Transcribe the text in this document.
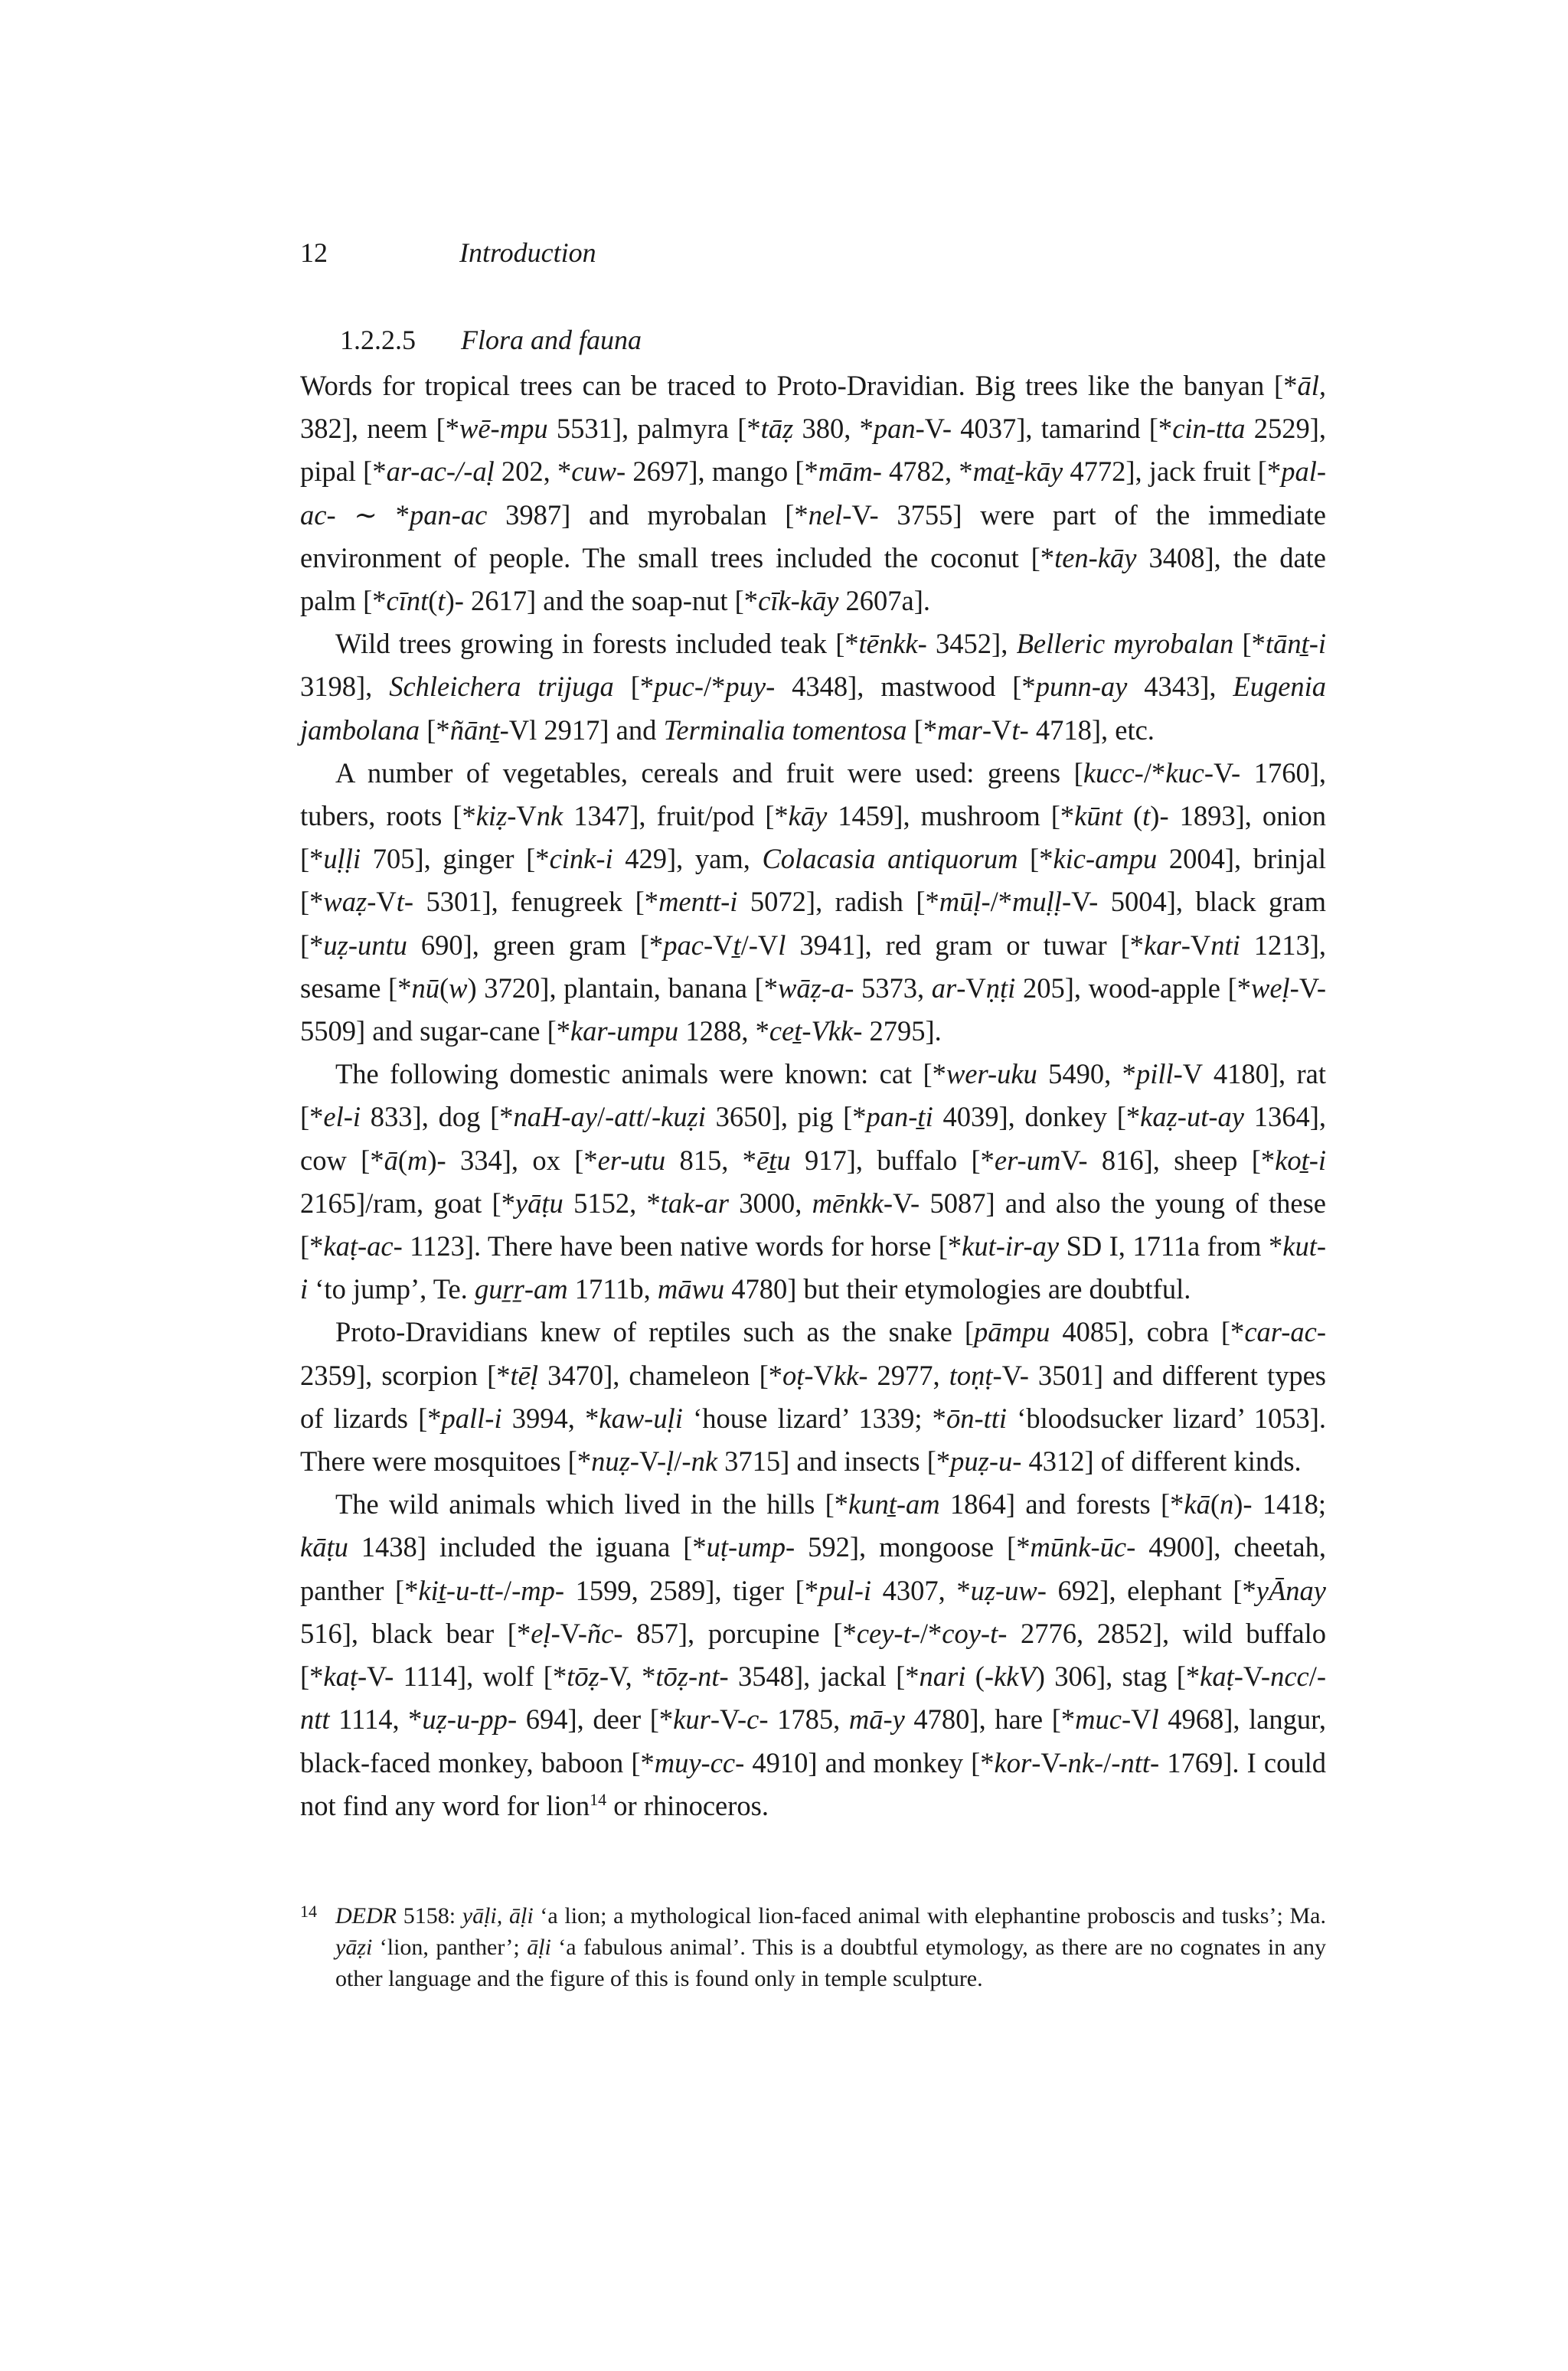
12	Introduction
1.2.2.5 Flora and fauna

Words for tropical trees can be traced to Proto-Dravidian. Big trees like the banyan [*āl, 382], neem [*wē-mpu 5531], palmyra [*tāẓ 380, *pan-V- 4037], tamarind [*cin-tta 2529], pipal [*ar-ac-/-aḷ 202, *cuw- 2697], mango [*mām- 4782, *maṯ-kāy 4772], jack fruit [*pal-ac- ∼ *pan-ac 3987] and myrobalan [*nel-V- 3755] were part of the immediate environment of people. The small trees included the coconut [*ten-kāy 3408], the date palm [*cīnt(t)- 2617] and the soap-nut [*cīk-kāy 2607a].

Wild trees growing in forests included teak [*tēnkk- 3452], Belleric myrobalan [*tānṯ-i 3198], Schleichera trijuga [*puc-/*puy- 4348], mastwood [*punn-ay 4343], Eugenia jambolana [*ñānṯ-Vl 2917] and Terminalia tomentosa [*mar-Vt- 4718], etc.

A number of vegetables, cereals and fruit were used: greens [kucc-/*kuc-V- 1760], tubers, roots [*kiẓ-Vnk 1347], fruit/pod [*kāy 1459], mushroom [*kūnt (t)- 1893], onion [*uḷḷi 705], ginger [*cink-i 429], yam, Colacasia antiquorum [*kic-ampu 2004], brinjal [*waẓ-Vt- 5301], fenugreek [*mentt-i 5072], radish [*mūḷ-/*muḷḷ-V- 5004], black gram [*uẓ-untu 690], green gram [*pac-Vṯ/-Vl 3941], red gram or tuwar [*kar-Vnti 1213], sesame [*nū(w) 3720], plantain, banana [*wāẓ-a- 5373, ar-Vṇṭi 205], wood-apple [*weḷ-V- 5509] and sugar-cane [*kar-umpu 1288, *ceṯ-Vkk- 2795].

The following domestic animals were known: cat [*wer-uku 5490, *pill-V 4180], rat [*el-i 833], dog [*naH-ay/-att/-kuẓi 3650], pig [*pan-ṯi 4039], donkey [*kaẓ-ut-ay 1364], cow [*ā(m)- 334], ox [*er-utu 815, *ēṯu 917], buffalo [*er-umV- 816], sheep [*koṯ-i 2165]/ram, goat [*yāṭu 5152, *tak-ar 3000, mēnkk-V- 5087] and also the young of these [*kaṭ-ac- 1123]. There have been native words for horse [*kut-ir-ay SD I, 1711a from *kut-i ‘to jump’, Te. guṟṟ-am 1711b, māwu 4780] but their etymologies are doubtful.

Proto-Dravidians knew of reptiles such as the snake [pāmpu 4085], cobra [*car-ac- 2359], scorpion [*tēḷ 3470], chameleon [*oṭ-Vkk- 2977, toṇṭ-V- 3501] and different types of lizards [*pall-i 3994, *kaw-uḷi ‘house lizard’ 1339; *ōn-tti ‘bloodsucker lizard’ 1053]. There were mosquitoes [*nuẓ-V-ḷ/-nk 3715] and insects [*puẓ-u- 4312] of different kinds.

The wild animals which lived in the hills [*kunṯ-am 1864] and forests [*kā(n)- 1418; kāṭu 1438] included the iguana [*uṭ-ump- 592], mongoose [*mūnk-ūc- 4900], cheetah, panther [*kiṯ-u-tt-/-mp- 1599, 2589], tiger [*pul-i 4307, *uẓ-uw- 692], elephant [*yĀnay 516], black bear [*eḷ-V-ñc- 857], porcupine [*cey-t-/*coy-t- 2776, 2852], wild buffalo [*kaṭ-V- 1114], wolf [*tōẓ-V, *tōẓ-nt- 3548], jackal [*nari (-kkV) 306], stag [*kaṭ-V-ncc/-ntt 1114, *uẓ-u-pp- 694], deer [*kur-V-c- 1785, mā-y 4780], hare [*muc-Vl 4968], langur, black-faced monkey, baboon [*muy-cc- 4910] and monkey [*kor-V-nk-/-ntt- 1769]. I could not find any word for lion$^{14}$ or rhinoceros.

14 DEDR 5158: yāḷi, āḷi ‘a lion; a mythological lion-faced animal with elephantine proboscis and tusks’; Ma. yāẓi ‘lion, panther’; āḷi ‘a fabulous animal’. This is a doubtful etymology, as there are no cognates in any other language and the figure of this is found only in temple sculpture.
